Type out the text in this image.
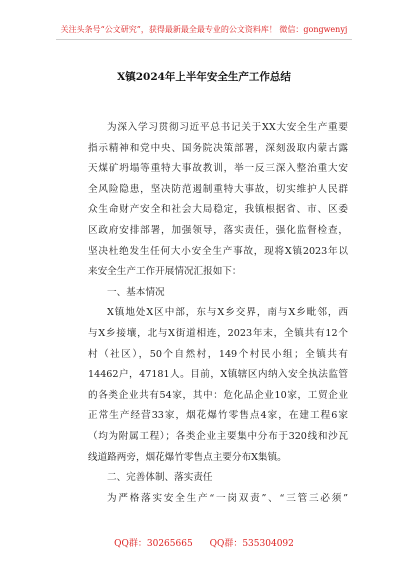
关注头条号“公文研究”，获得最新最全最专业的公文资料库！ 微信：gongwenyj
X镇2024年上半年安全生产工作总结
为深入学习贯彻习近平总书记关于XX大安全生产重要
指示精神和党中央、国务院决策部署，深刻汲取内蒙古露
天煤矿坍塌等重特大事故教训，举一反三深入整治重大安
全风险隐患，坚决防范遏制重特大事故，切实维护人民群
众生命财产安全和社会大局稳定，我镇根据省、市、区委
区政府安排部署，加强领导，落实责任，强化监督检查，
坚决杜绝发生任何大小安全生产事故，现将X镇2023年以
来安全生产工作开展情况汇报如下：
一、基本情况
X镇地处X区中部，东与X乡交界，南与X乡毗邻，西
与X乡接壤，北与X街道相连，2023年末，全镇共有12个
村（社区），50个自然村，149个村民小组；全镇共有
14462户，47181人。目前，X镇辖区内纳入安全执法监管
的各类企业共有54家，其中：危化品企业10家，工贸企业
正常生产经营33家，烟花爆竹零售点4家，在建工程6家
（均为附属工程）；各类企业主要集中分布于320线和沙瓦
线道路两旁，烟花爆竹零售点主要分布X集镇。
二、完善体制、落实责任
为严格落实安全生产“一岗双责”、“三管三必须”
QQ群：30265665 QQ群：535304092
